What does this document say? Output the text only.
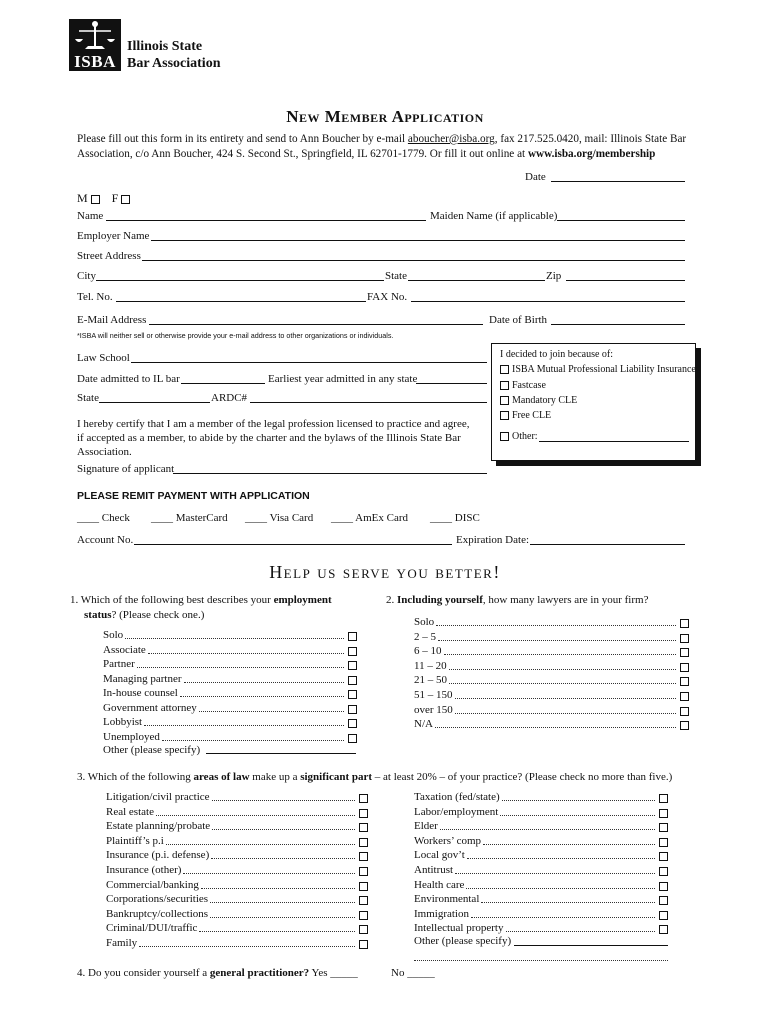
ISBA
Illinois State
Bar Association
New Member Application
Please fill out this form in its entirety and send to Ann Boucher by e-mail aboucher@isba.org, fax 217.525.0420, mail: Illinois State Bar
Association, c/o Ann Boucher, 424 S. Second St., Springfield, IL 62701-1779. Or fill it out online at www.isba.org/membership
Date
M F
Name	Maiden Name (if applicable)
Employer Name
Street Address
City	State	Zip
Tel. No.	FAX No.
E-Mail Address	Date of Birth
*ISBA will neither sell or otherwise provide your e-mail address to other organizations or individuals.
Law School
Date admitted to IL bar	Earliest year admitted in any state
State	ARDC#
I hereby certify that I am a member of the legal profession licensed to practice and agree,
if accepted as a member, to abide by the charter and the bylaws of the Illinois State Bar
Association.
Signature of applicant
I decided to join because of:
ISBA Mutual Professional Liability Insurance
Fastcase
Mandatory CLE
Free CLE
Other:
PLEASE REMIT PAYMENT WITH APPLICATION
____ Check ____ MasterCard ____ Visa Card ____ AmEx Card ____ DISC
Account No.	Expiration Date:
Help us serve you better!
1. Which of the following best describes your employment
status? (Please check one.)
Solo
Associate
Partner
Managing partner
In-house counsel
Government attorney
Lobbyist
Unemployed
Other (please specify)
2. Including yourself, how many lawyers are in your firm?
Solo
2 – 5
6 – 10
11 – 20
21 – 50
51 – 150
over 150
N/A
3. Which of the following areas of law make up a significant part – at least 20% – of your practice? (Please check no more than five.)
Litigation/civil practice
Real estate
Estate planning/probate
Plaintiff’s p.i
Insurance (p.i. defense)
Insurance (other)
Commercial/banking
Corporations/securities
Bankruptcy/collections
Criminal/DUI/traffic
Family
Taxation (fed/state)
Labor/employment
Elder
Workers’ comp
Local gov’t
Antitrust
Health care
Environmental
Immigration
Intellectual property
Other (please specify)
4. Do you consider yourself a general practitioner? Yes _____	No _____
